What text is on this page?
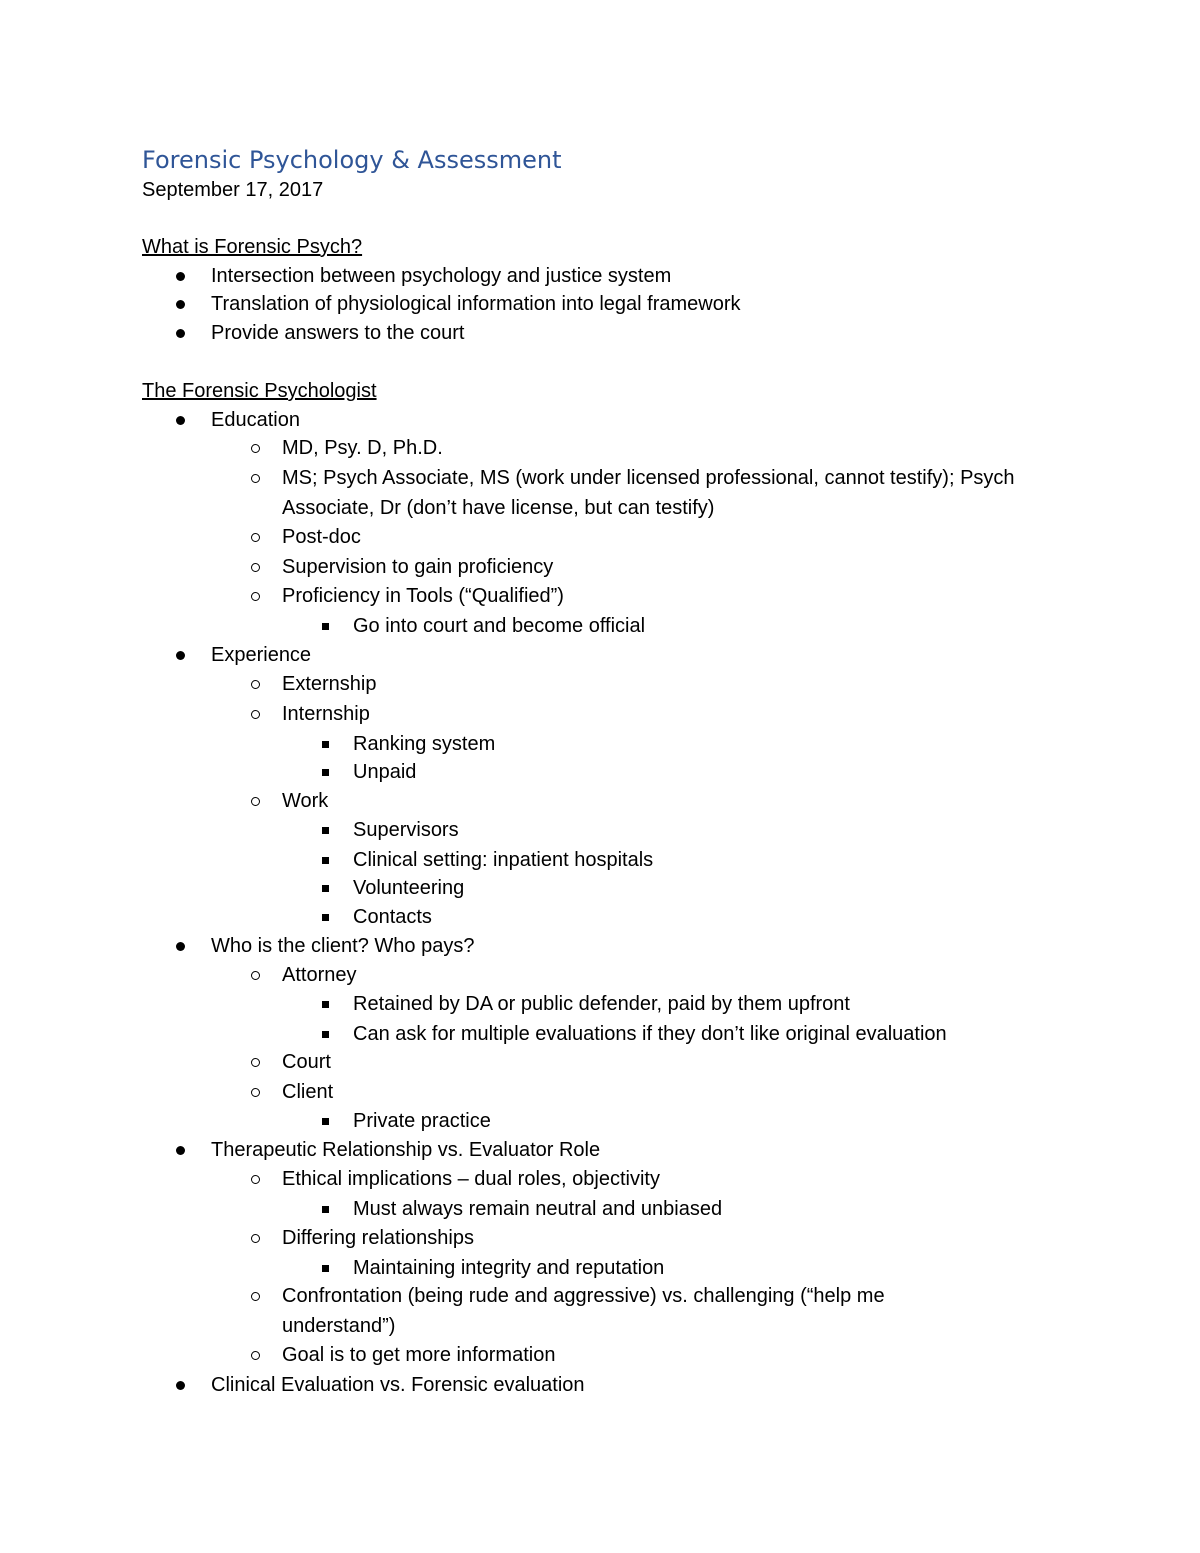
Forensic Psychology & Assessment
September 17, 2017
What is Forensic Psych?
Intersection between psychology and justice system
Translation of physiological information into legal framework
Provide answers to the court
The Forensic Psychologist
Education
MD, Psy. D, Ph.D.
MS; Psych Associate, MS (work under licensed professional, cannot testify); Psych
Associate, Dr (don’t have license, but can testify)
Post-doc
Supervision to gain proficiency
Proficiency in Tools (“Qualified”)
Go into court and become official
Experience
Externship
Internship
Ranking system
Unpaid
Work
Supervisors
Clinical setting: inpatient hospitals
Volunteering
Contacts
Who is the client? Who pays?
Attorney
Retained by DA or public defender, paid by them upfront
Can ask for multiple evaluations if they don’t like original evaluation
Court
Client
Private practice
Therapeutic Relationship vs. Evaluator Role
Ethical implications – dual roles, objectivity
Must always remain neutral and unbiased
Differing relationships
Maintaining integrity and reputation
Confrontation (being rude and aggressive) vs. challenging (“help me
understand”)
Goal is to get more information
Clinical Evaluation vs. Forensic evaluation
